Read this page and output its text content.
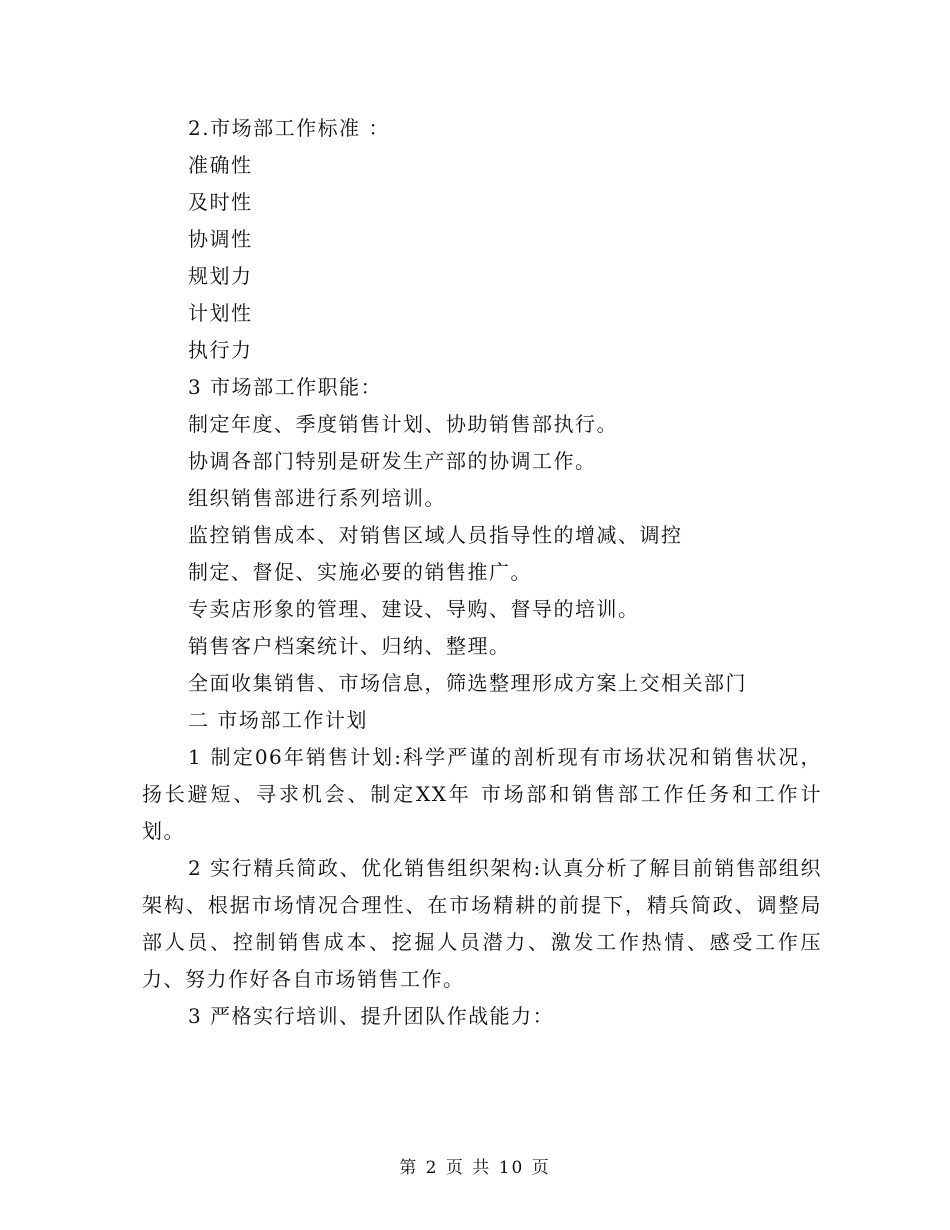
2.市场部工作标准 ：
准确性
及时性
协调性
规划力
计划性
执行力
3 市场部工作职能：
制定年度、季度销售计划、协助销售部执行。
协调各部门特别是研发生产部的协调工作。
组织销售部进行系列培训。
监控销售成本、对销售区域人员指导性的增减、调控
制定、督促、实施必要的销售推广。
专卖店形象的管理、建设、导购、督导的培训。
销售客户档案统计、归纳、整理。
全面收集销售、市场信息，筛选整理形成方案上交相关部门
二 市场部工作计划
1 制定06年销售计划:科学严谨的剖析现有市场状况和销售状况，扬长避短、寻求机会、制定XX年 市场部和销售部工作任务和工作计划。
2 实行精兵简政、优化销售组织架构:认真分析了解目前销售部组织架构、根据市场情况合理性、在市场精耕的前提下，精兵简政、调整局部人员、控制销售成本、挖掘人员潜力、激发工作热情、感受工作压力、努力作好各自市场销售工作。
3 严格实行培训、提升团队作战能力：
第 2 页 共 10 页
